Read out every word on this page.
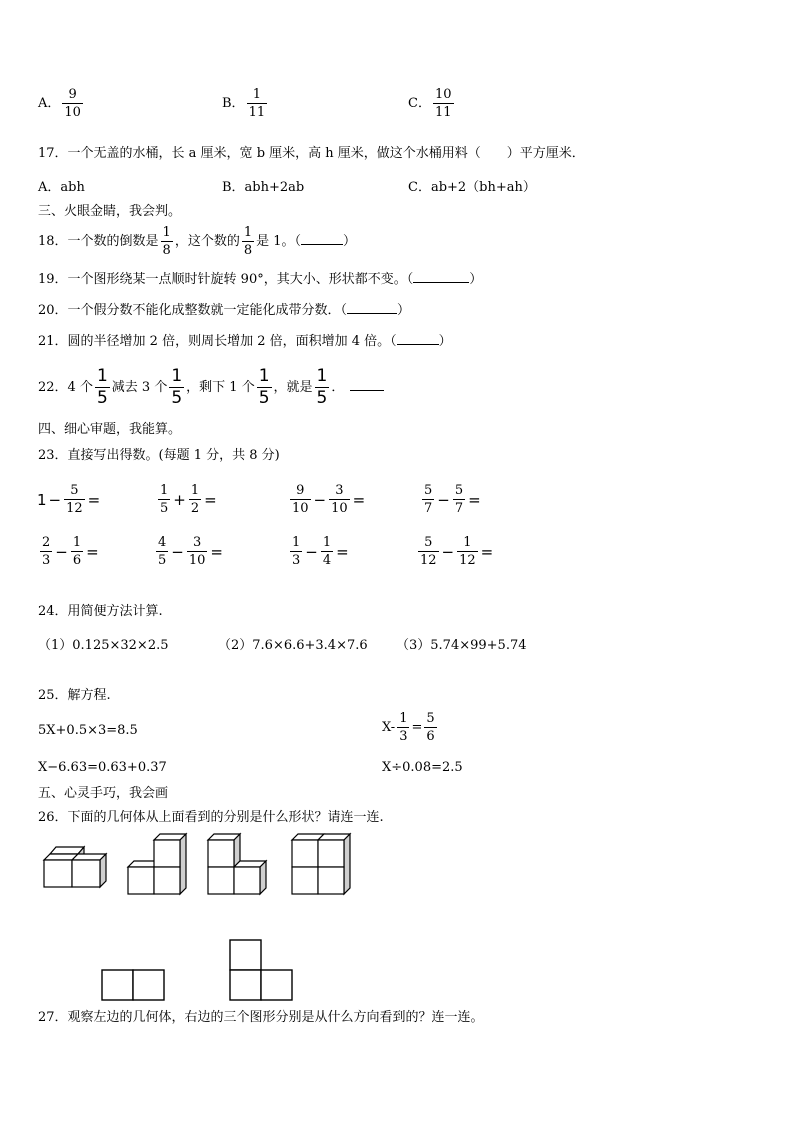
A． $\frac{9}{10}$	B． $\frac{1}{11}$	C． $\frac{10}{11}$
17．一个无盖的水桶，长 a 厘米，宽 b 厘米，高 h 厘米，做这个水桶用料（　　）平方厘米．
A．abh	B．abh+2ab	C．ab+2（bh+ah）
三、火眼金睛，我会判。
18．一个数的倒数是 $\frac{1}{8}$ ，这个数的 $\frac{1}{8}$ 是 1。（	）
19．一个图形绕某一点顺时针旋转 90°，其大小、形状都不变。（	）
20．一个假分数不能化成整数就一定能化成带分数．（	）
21．圆的半径增加 2 倍，则周长增加 2 倍，面积增加 4 倍。（	）
22．4 个 $\frac{1}{5}$ 减去 3 个 $\frac{1}{5}$ ，剩下 1 个 $\frac{1}{5}$ ，就是 $\frac{1}{5}$ ．
四、细心审题，我能算。
23．直接写出得数。(每题 1 分，共 8 分)
$1 - \frac{5}{12}$ =	$\frac{1}{5} + \frac{1}{2}$ =	$\frac{9}{10} - \frac{3}{10}$ =	$\frac{5}{7} - \frac{5}{7}$ =
$\frac{2}{3} - \frac{1}{6}$ =	$\frac{4}{5} - \frac{3}{10}$ =	$\frac{1}{3} - \frac{1}{4}$ =	$\frac{5}{12} - \frac{1}{12}$ =
24．用简便方法计算.
（1）0.125×32×2.5	（2）7.6×6.6+3.4×7.6 （3）5.74×99+5.74
25．解方程.
5X+0.5×3=8.5	$X- \frac{1}{3} = \frac{5}{6}$
X−6.63=0.63+0.37	X÷0.08=2.5
五、心灵手巧，我会画
26．下面的几何体从上面看到的分别是什么形状？请连一连.
27．观察左边的几何体，右边的三个图形分别是从什么方向看到的？连一连。
